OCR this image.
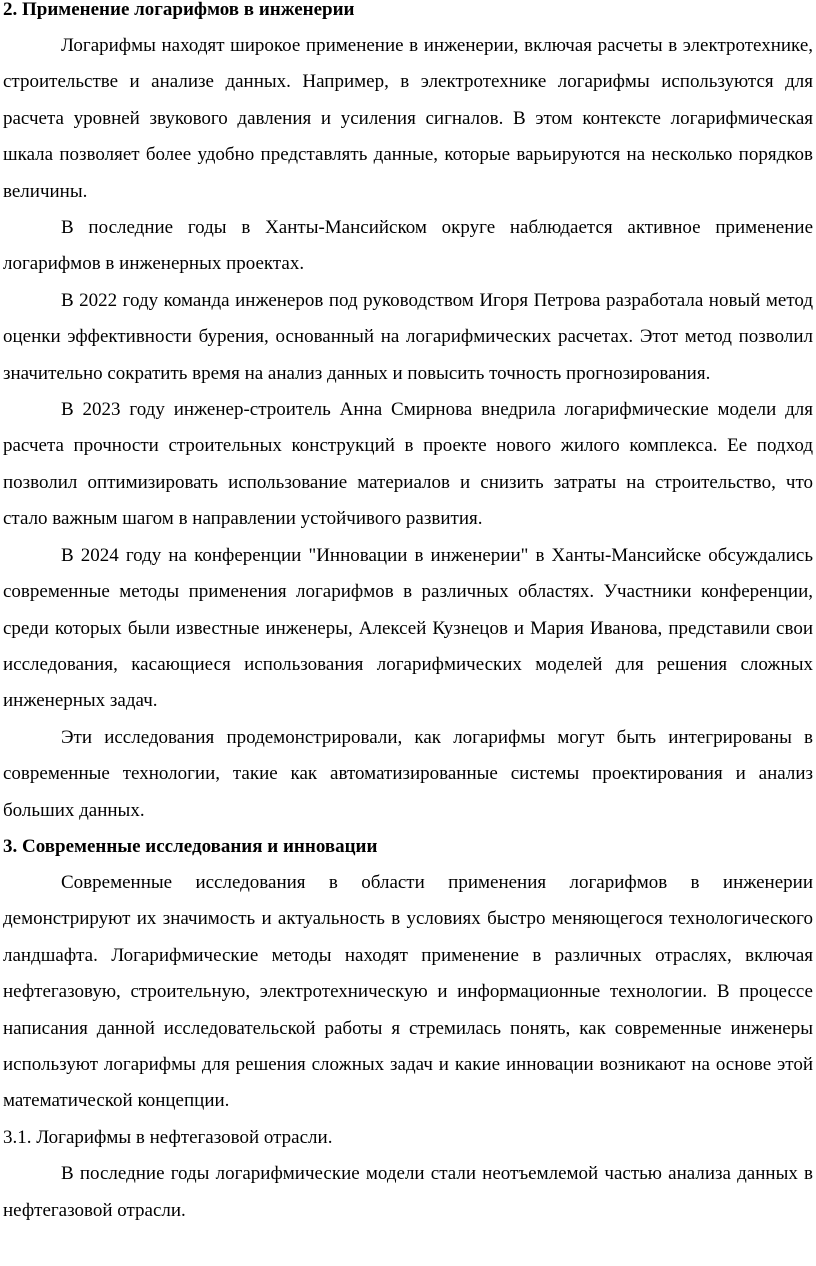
2. Применение логарифмов в инженерии

Логарифмы находят широкое применение в инженерии, включая расчеты в электротехнике, строительстве и анализе данных. Например, в электротехнике логарифмы используются для расчета уровней звукового давления и усиления сигналов. В этом контексте логарифмическая шкала позволяет более удобно представлять данные, которые варьируются на несколько порядков величины.

В последние годы в Ханты-Мансийском округе наблюдается активное применение логарифмов в инженерных проектах.

В 2022 году команда инженеров под руководством Игоря Петрова разработала новый метод оценки эффективности бурения, основанный на логарифмических расчетах. Этот метод позволил значительно сократить время на анализ данных и повысить точность прогнозирования.

В 2023 году инженер-строитель Анна Смирнова внедрила логарифмические модели для расчета прочности строительных конструкций в проекте нового жилого комплекса. Ее подход позволил оптимизировать использование материалов и снизить затраты на строительство, что стало важным шагом в направлении устойчивого развития.

В 2024 году на конференции "Инновации в инженерии" в Ханты-Мансийске обсуждались современные методы применения логарифмов в различных областях. Участники конференции, среди которых были известные инженеры, Алексей Кузнецов и Мария Иванова, представили свои исследования, касающиеся использования логарифмических моделей для решения сложных инженерных задач.

Эти исследования продемонстрировали, как логарифмы могут быть интегрированы в современные технологии, такие как автоматизированные системы проектирования и анализ больших данных.

3. Современные исследования и инновации

Современные исследования в области применения логарифмов в инженерии демонстрируют их значимость и актуальность в условиях быстро меняющегося технологического ландшафта. Логарифмические методы находят применение в различных отраслях, включая нефтегазовую, строительную, электротехническую и информационные технологии. В процессе написания данной исследовательской работы я стремилась понять, как современные инженеры используют логарифмы для решения сложных задач и какие инновации возникают на основе этой математической концепции.

3.1. Логарифмы в нефтегазовой отрасли.

В последние годы логарифмические модели стали неотъемлемой частью анализа данных в нефтегазовой отрасли.
